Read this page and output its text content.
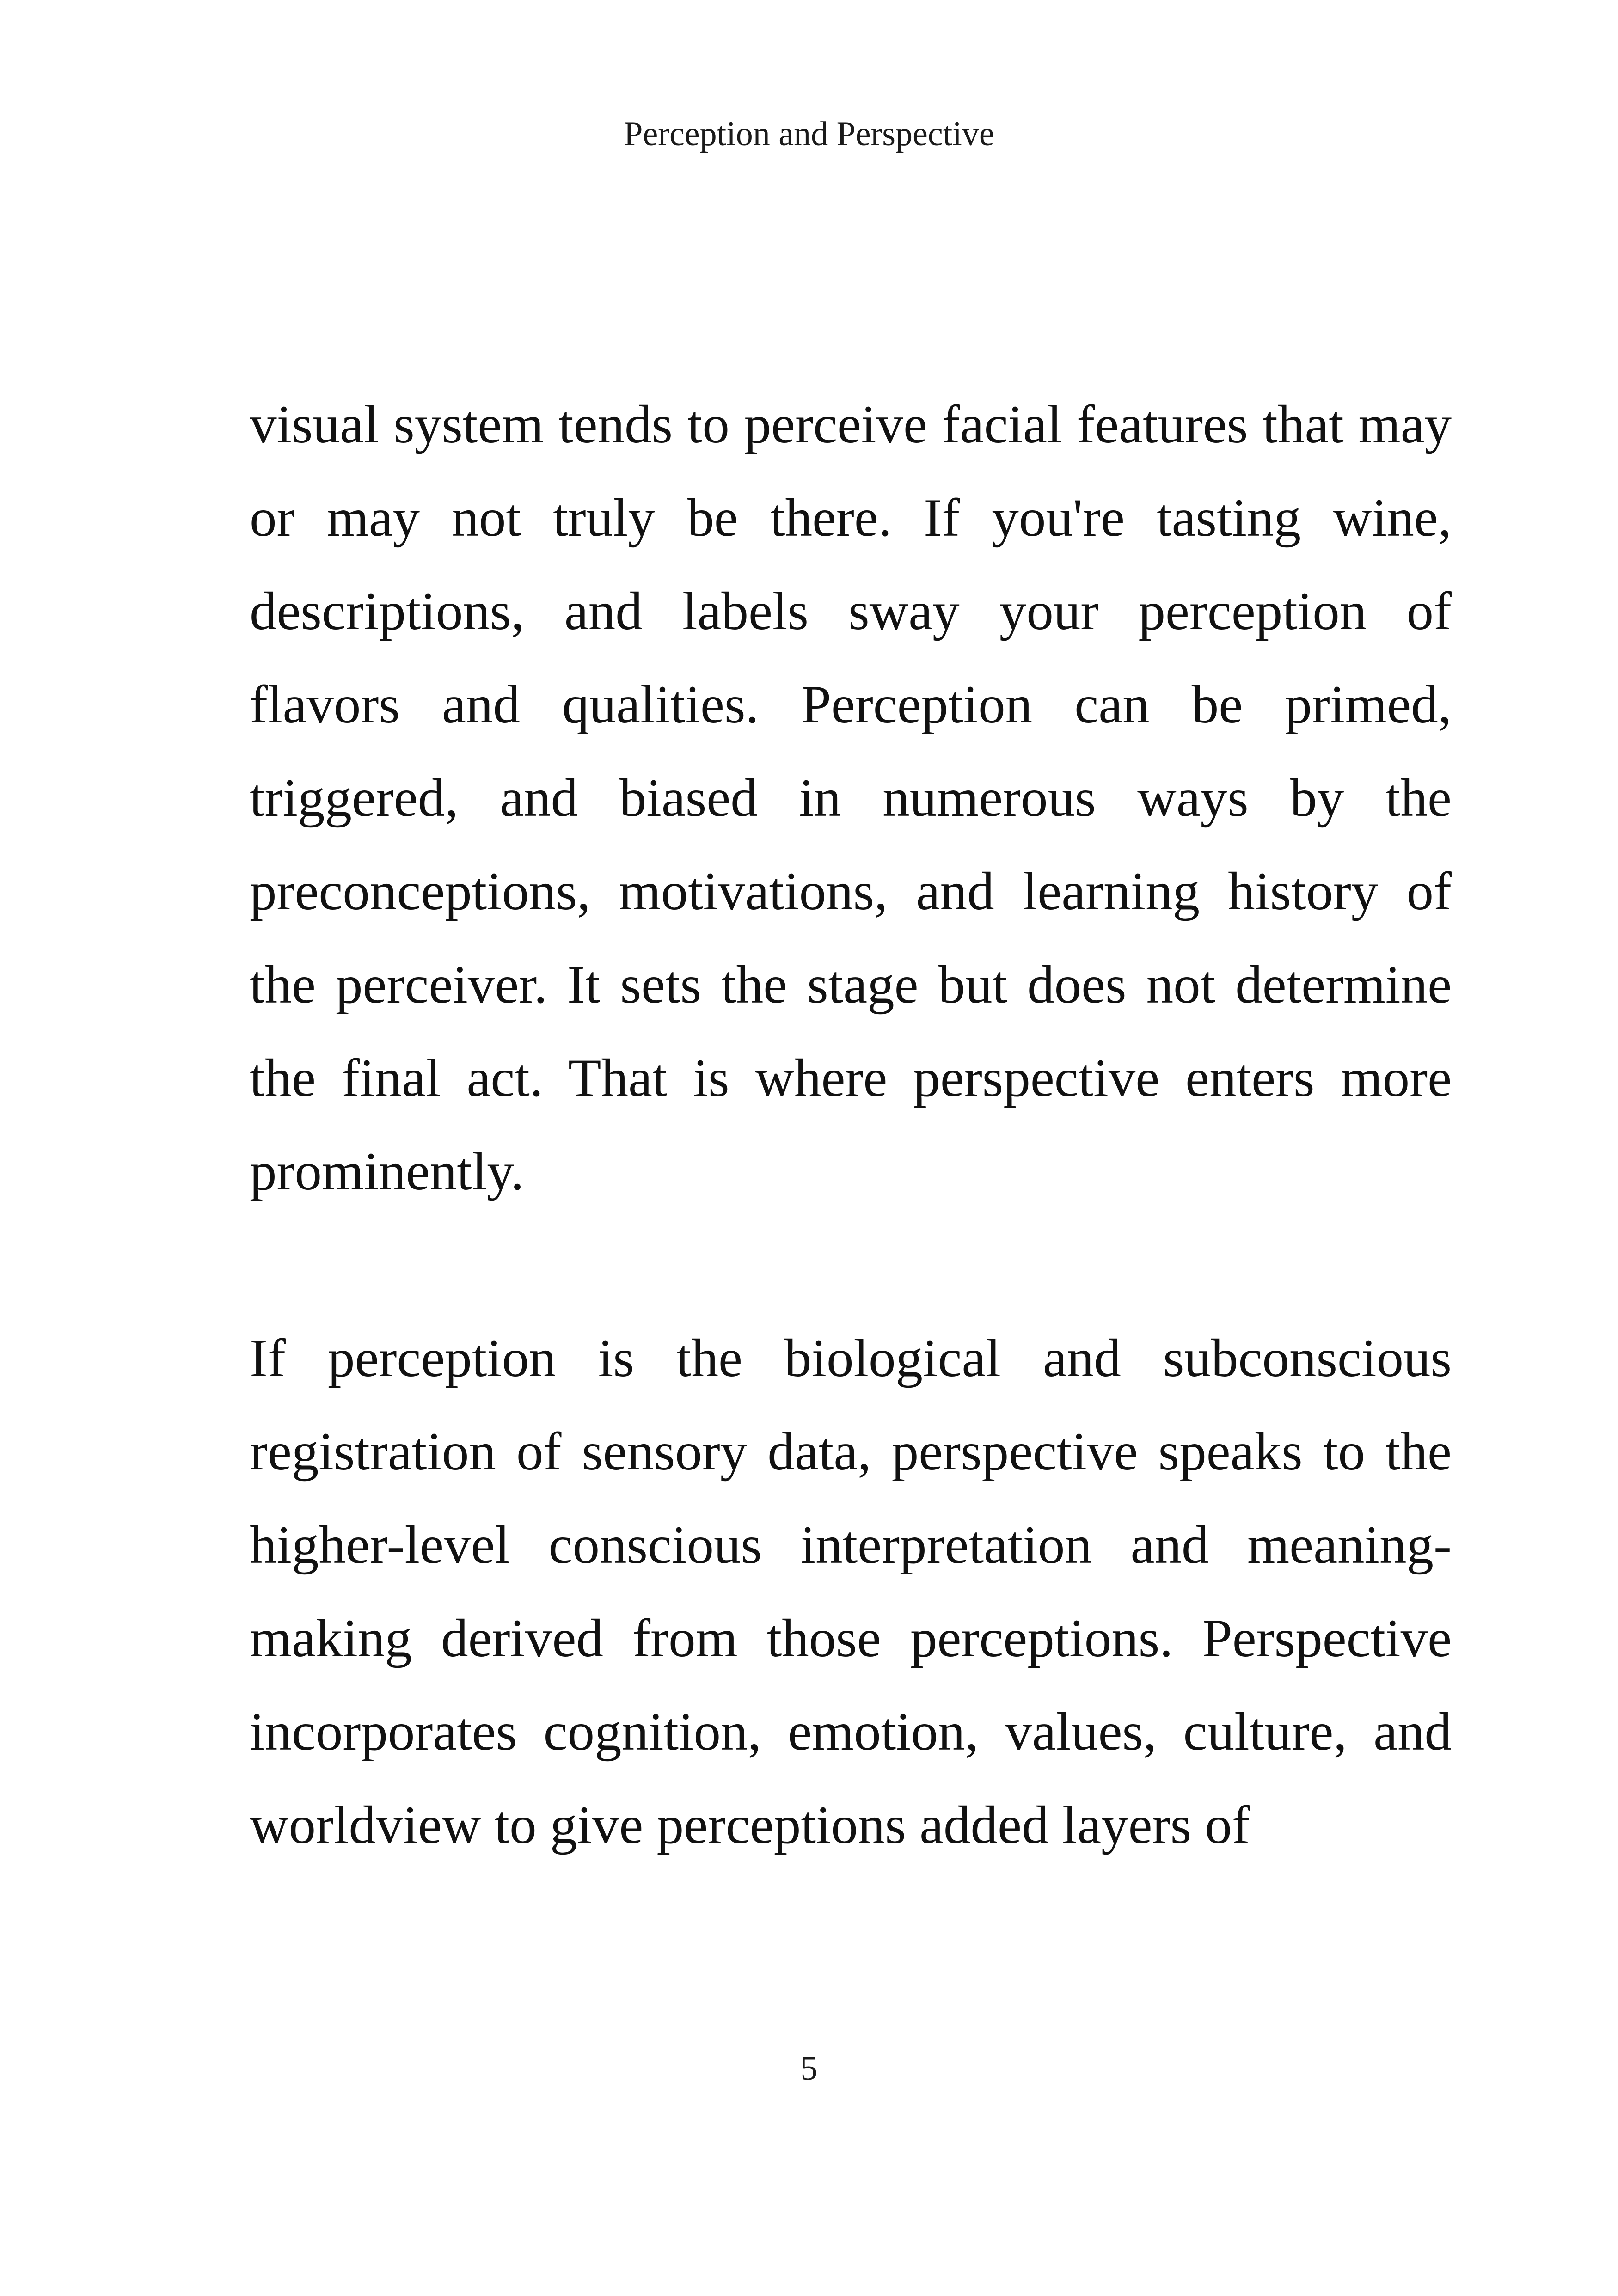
Perception and Perspective

visual system tends to perceive facial features that may or may not truly be there. If you're tasting wine, descriptions, and labels sway your perception of flavors and qualities. Perception can be primed, triggered, and biased in numerous ways by the preconceptions, motivations, and learning history of the perceiver. It sets the stage but does not determine the final act. That is where perspective enters more prominently.

If perception is the biological and subconscious registration of sensory data, perspective speaks to the higher-level conscious interpretation and meaning-making derived from those perceptions. Perspective incorporates cognition, emotion, values, culture, and worldview to give perceptions added layers of

5
